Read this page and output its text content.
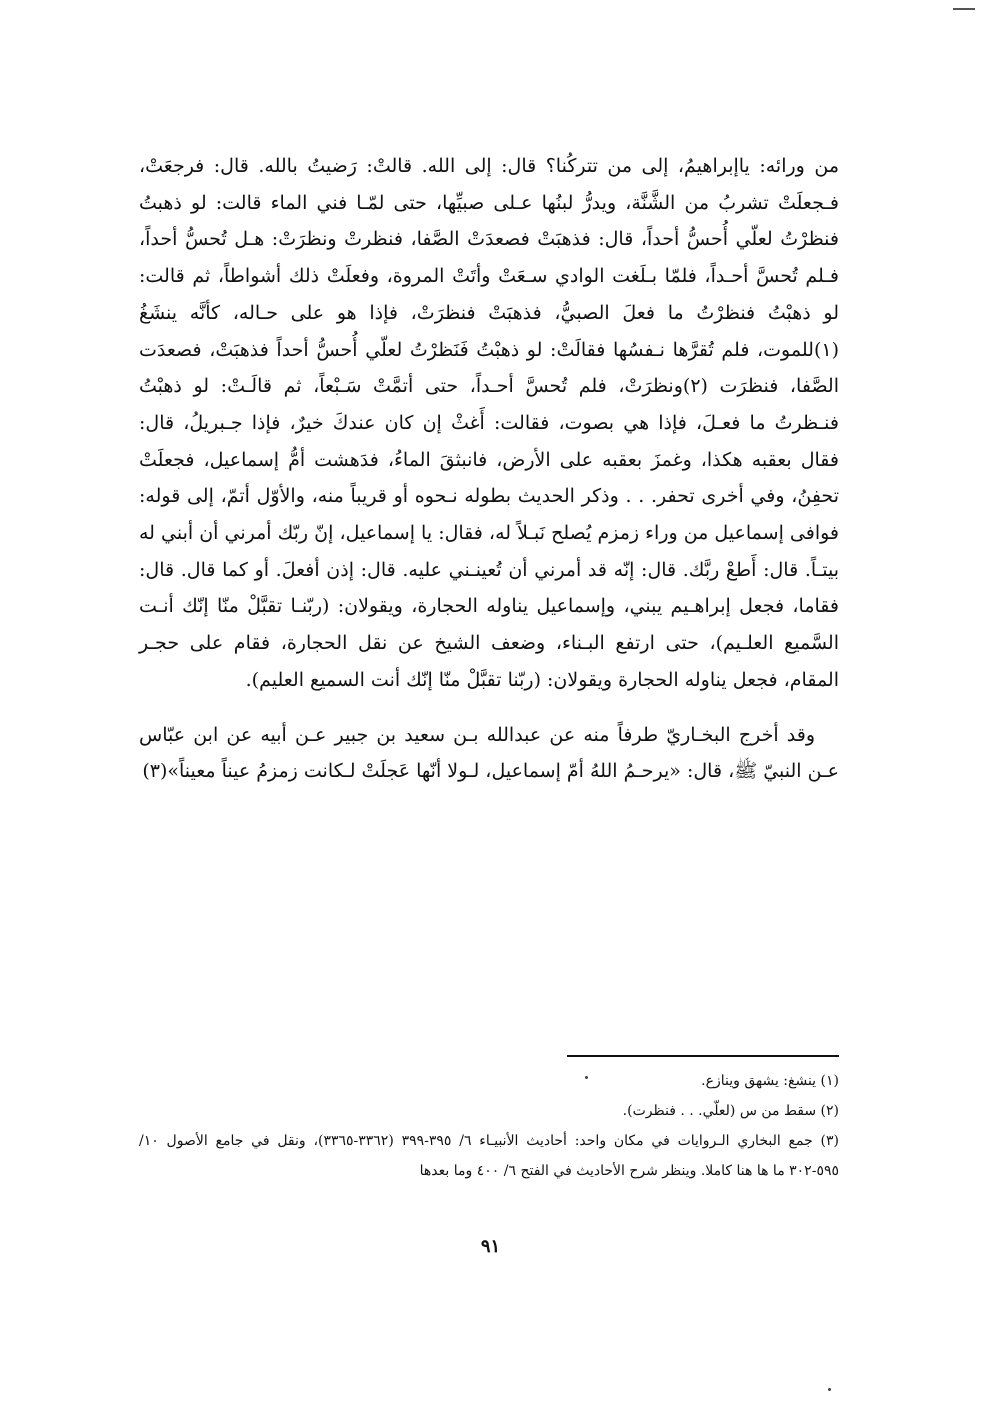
من ورائه: ياإبراهيمُ، إلى من تتركُنا؟ قال: إلى الله. قالتْ: رَضيتُ بالله. قال: فرجعَتْ، فـجعلَتْ تشربُ من الشَّنَّة، ويدرُّ لبنُها عـلى صبيِّها، حتى لمّـا فني الماء قالت: لو ذهبتُ فنظرْتُ لعلّي أُحسُّ أحداً، قال: فذهبَتْ فصعدَتْ الصَّفا، فنظرتْ ونظرَتْ: هـل تُحسُّ أحداً، فـلم تُحسَّ أحـداً، فلمّا بـلَغت الوادي سـعَتْ وأتَتْ المروة، وفعلَتْ ذلك أشواطاً، ثم قالت: لو ذهبْتُ فنظرْتُ ما فعلَ الصبيُّ، فذهبَتْ فنظرَتْ، فإذا هو على حـاله، كأنَّه ينشَغُ (١)للموت، فلم تُقرَّها نـفسُها فقالَتْ: لو ذهبْتُ فَنَظرْتُ لعلّي أُحسُّ أحداً فذهبَتْ، فصعدَت الصَّفا، فنظرَت (٢)ونظرَتْ، فلم تُحسَّ أحـداً، حتى أتمَّتْ سَـبْعاً، ثم قالَـتْ: لو ذهبْتُ فنـظرتُ ما فعـلَ، فإذا هي بصوت، فقالت: أَغثْ إن كان عندكَ خيرٌ، فإذا جـبريلُ، قال: فقال بعقبه هكذا، وغمزَ بعقبه على الأرض، فانبثقَ الماءُ، فدَهشت أمُّ إسماعيل، فجعلَتْ تحفِنُ، وفي أخرى تحفر. . . وذكر الحديث بطوله نـحوه أو قريباً منه، والأوّل أتمّ، إلى قوله: فوافى إسماعيل من وراء زمزم يُصلح نَبـلاً له، فقال: يا إسماعيل، إنّ ربّك أمرني أن أبني له بيتـاً. قال: أَطعْ ربَّك. قال: إنّه قد أمرني أن تُعينـني عليه. قال: إذن أفعلَ. أو كما قال. قال: فقاما، فجعل إبراهـيم يبني، وإسماعيل يناوله الحجارة، ويقولان: (ربّنـا تقبَّلْ منّا إنّك أنـت السَّميع العلـيم)، حتى ارتفع البـناء، وضعف الشيخ عن نقل الحجارة، فقام على حجـر المقام، فجعل يناوله الحجارة ويقولان: (ربّنا تقبَّلْ منّا إنّك أنت السميع العليم).

وقد أخرج البخـاريّ طرفاً منه عن عبدالله بـن سعيد بن جبير عـن أبيه عن ابن عبّاس عـن النبيّ ﷺ، قال: «يرحـمُ اللهُ أمّ إسماعيل، لـولا أنّها عَجلَتْ لـكانت زمزمُ عيناً معيناً»(٣)

(١) ينشغ: يشهق وينازع.

(٢) سقط من س (لعلّي. . . فنظرت).

(٣) جمع البخاري الـروايات في مكان واحد: أحاديث الأنبيـاء ٦/ ٣٩٥-٣٩٩ (٣٣٦٢-٣٣٦٥)، ونقل في جامع الأصول ١٠/ ٥٩٥-٣٠٢ ما ها هنا كاملا. وينظر شرح الأحاديث في الفتح ٦/ ٤٠٠ وما بعدها

٩١
